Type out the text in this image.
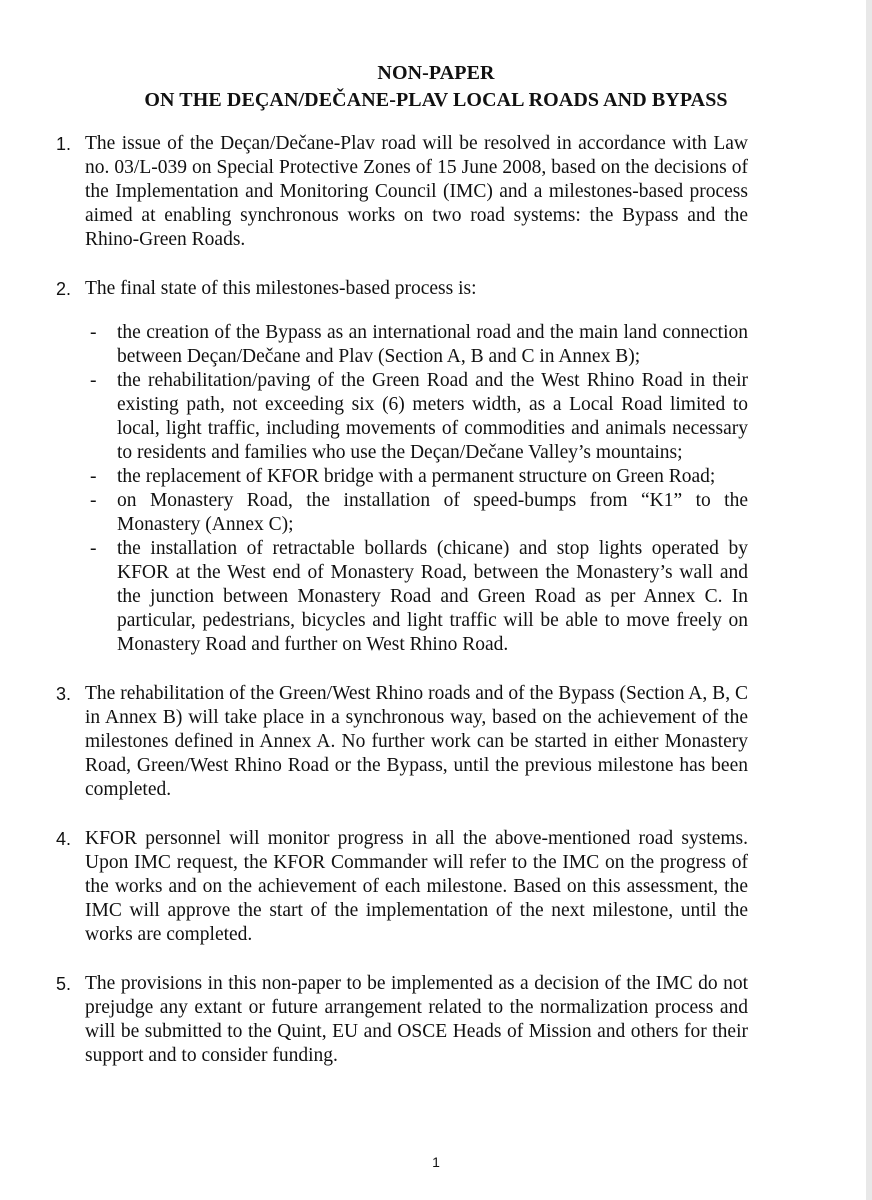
NON-PAPER
ON THE DEÇAN/DEČANE-PLAV LOCAL ROADS AND BYPASS
1. The issue of the Deçan/Dečane-Plav road will be resolved in accordance with Law no. 03/L-039 on Special Protective Zones of 15 June 2008, based on the decisions of the Implementation and Monitoring Council (IMC) and a milestones-based process aimed at enabling synchronous works on two road systems: the Bypass and the Rhino-Green Roads.
2. The final state of this milestones-based process is:
- the creation of the Bypass as an international road and the main land connection between Deçan/Dečane and Plav (Section A, B and C in Annex B);
- the rehabilitation/paving of the Green Road and the West Rhino Road in their existing path, not exceeding six (6) meters width, as a Local Road limited to local, light traffic, including movements of commodities and animals necessary to residents and families who use the Deçan/Dečane Valley’s mountains;
- the replacement of KFOR bridge with a permanent structure on Green Road;
- on Monastery Road, the installation of speed-bumps from “K1” to the Monastery (Annex C);
- the installation of retractable bollards (chicane) and stop lights operated by KFOR at the West end of Monastery Road, between the Monastery’s wall and the junction between Monastery Road and Green Road as per Annex C. In particular, pedestrians, bicycles and light traffic will be able to move freely on Monastery Road and further on West Rhino Road.
3. The rehabilitation of the Green/West Rhino roads and of the Bypass (Section A, B, C in Annex B) will take place in a synchronous way, based on the achievement of the milestones defined in Annex A. No further work can be started in either Monastery Road, Green/West Rhino Road or the Bypass, until the previous milestone has been completed.
4. KFOR personnel will monitor progress in all the above-mentioned road systems. Upon IMC request, the KFOR Commander will refer to the IMC on the progress of the works and on the achievement of each milestone. Based on this assessment, the IMC will approve the start of the implementation of the next milestone, until the works are completed.
5. The provisions in this non-paper to be implemented as a decision of the IMC do not prejudge any extant or future arrangement related to the normalization process and will be submitted to the Quint, EU and OSCE Heads of Mission and others for their support and to consider funding.
1
